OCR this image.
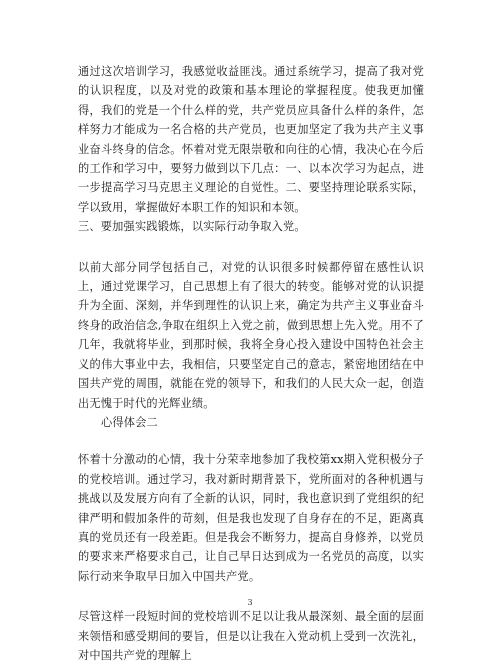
通过这次培训学习，我感觉收益匪浅。通过系统学习，提高了我对党的认识程度，以及对党的政策和基本理论的掌握程度。使我更加懂得，我们的党是一个什么样的党，共产党员应具备什么样的条件，怎样努力才能成为一名合格的共产党员，也更加坚定了我为共产主义事业奋斗终身的信念。怀着对党无限崇敬和向往的心情，我决心在今后的工作和学习中，要努力做到以下几点：一、以本次学习为起点，进一步提高学习马克思主义理论的自觉性。二、要坚持理论联系实际，学以致用，掌握做好本职工作的知识和本领。

三、要加强实践锻炼，以实际行动争取入党。

以前大部分同学包括自己，对党的认识很多时候都停留在感性认识上，通过党课学习，自己思想上有了很大的转变。能够对党的认识提升为全面、深刻，并华到理性的认识上来，确定为共产主义事业奋斗终身的政治信念,争取在组织上入党之前，做到思想上先入党。用不了几年，我就将毕业，到那时候，我将全身心投入建设中国特色社会主义的伟大事业中去，我相信，只要坚定自己的意志，紧密地团结在中国共产党的周围，就能在党的领导下，和我们的人民大众一起，创造出无愧于时代的光辉业绩。

心得体会二

怀着十分激动的心情，我十分荣幸地参加了我校第xx期入党积极分子的党校培训。通过学习，我对新时期背景下，党所面对的各种机遇与挑战以及发展方向有了全新的认识，同时，我也意识到了党组织的纪律严明和假加条件的苛刻，但是我也发现了自身存在的不足，距离真真的党员还有一段差距。但是我会不断努力，提高自身修养，以党员的要求来严格要求自己，让自己早日达到成为一名党员的高度，以实际行动来争取早日加入中国共产党。

尽管这样一段短时间的党校培训不足以让我从最深刻、最全面的层面来领悟和感受期间的要旨，但是以让我在入党动机上受到一次洗礼，对中国共产党的理解上

3
